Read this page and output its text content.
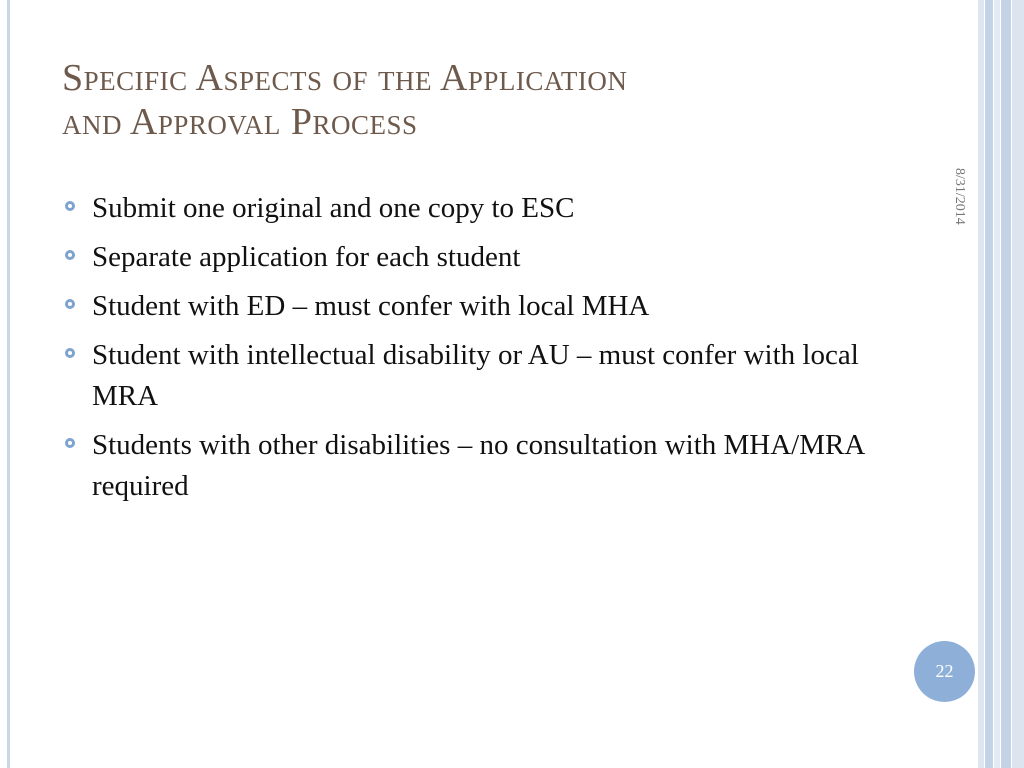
Specific Aspects of the Application
and Approval Process
Submit one original and one copy to ESC
Separate application for each student
Student with ED – must confer with local MHA
Student with intellectual disability or AU – must confer with local MRA
Students with other disabilities – no consultation with MHA/MRA required
8/31/2014
22
